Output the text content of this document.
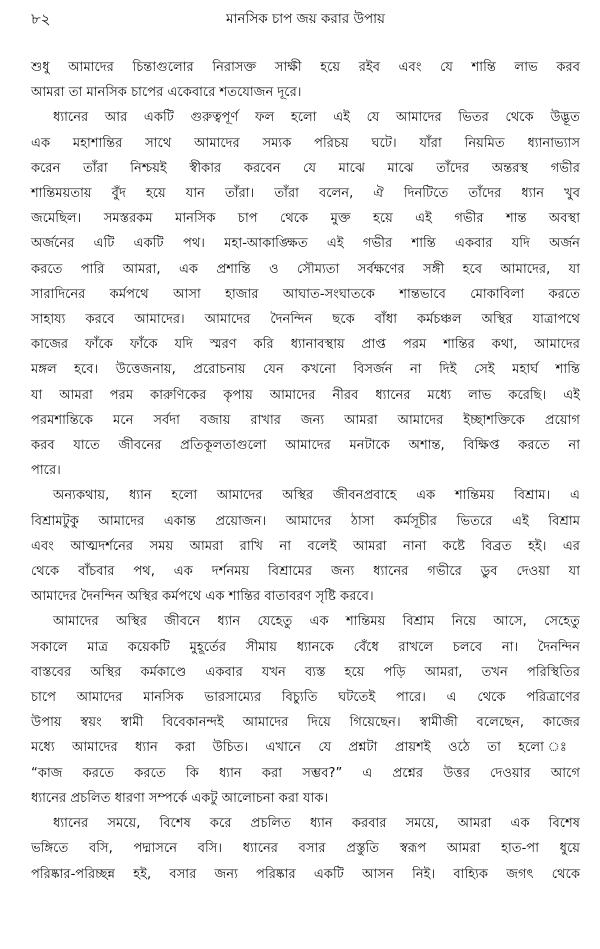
৮২	মানসিক চাপ জয় করার উপায়

শুধু আমাদের চিন্তাগুলোর নিরাসক্ত সাক্ষী হয়ে রইব এবং যে শান্তি লাভ করব

আমরা তা মানসিক চাপের একেবারে শতযোজন দূরে।

ধ্যানের আর একটি গুরুত্বপূর্ণ ফল হলো এই যে আমাদের ভিতর থেকে উদ্ভূত

এক মহাশান্তির সাথে আমাদের সম্যক পরিচয় ঘটে। যাঁরা নিয়মিত ধ্যানাভ্যাস

করেন তাঁরা নিশ্চয়ই স্বীকার করবেন যে মাঝে মাঝে তাঁদের অন্তরস্থ গভীর

শান্তিময়তায় বুঁদ হয়ে যান তাঁরা। তাঁরা বলেন, ঐ দিনটিতে তাঁদের ধ্যান খুব

জমেছিল। সমস্তরকম মানসিক চাপ থেকে মুক্ত হয়ে এই গভীর শান্ত অবস্থা

অর্জনের এটি একটি পথ। মহা-আকাঙ্ক্ষিত এই গভীর শান্তি একবার যদি অর্জন

করতে পারি আমরা, এক প্রশান্তি ও সৌম্যতা সর্বক্ষণের সঙ্গী হবে আমাদের, যা

সারাদিনের কর্মপথে আসা হাজার আঘাত-সংঘাতকে শান্তভাবে মোকাবিলা করতে

সাহায্য করবে আমাদের। আমাদের দৈনন্দিন ছকে বাঁধা কর্মচঞ্চল অস্থির যাত্রাপথে

কাজের ফাঁকে ফাঁকে যদি স্মরণ করি ধ্যানাবস্থায় প্রাপ্ত পরম শান্তির কথা, আমাদের

মঙ্গল হবে। উত্তেজনায়, প্ররোচনায় যেন কখনো বিসর্জন না দিই সেই মহার্ঘ শান্তি

যা আমরা পরম কারুণিকের কৃপায় আমাদের নীরব ধ্যানের মধ্যে লাভ করেছি। এই

পরমশান্তিকে মনে সর্বদা বজায় রাখার জন্য আমরা আমাদের ইচ্ছাশক্তিকে প্রয়োগ

করব যাতে জীবনের প্রতিকূলতাগুলো আমাদের মনটাকে অশান্ত, বিক্ষিপ্ত করতে না

পারে।

অন্যকথায়, ধ্যান হলো আমাদের অস্থির জীবনপ্রবাহে এক শান্তিময় বিশ্রাম। এ

বিশ্রামটুকু আমাদের একান্ত প্রয়োজন। আমাদের ঠাসা কর্মসূচীর ভিতরে এই বিশ্রাম

এবং আত্মদর্শনের সময় আমরা রাখি না বলেই আমরা নানা কষ্টে বিব্রত হই। এর

থেকে বাঁচবার পথ, এক দর্শনময় বিশ্রামের জন্য ধ্যানের গভীরে ডুব দেওয়া যা

আমাদের দৈনন্দিন অস্থির কর্মপথে এক শান্তির বাতাবরণ সৃষ্টি করবে।

আমাদের অস্থির জীবনে ধ্যান যেহেতু এক শান্তিময় বিশ্রাম নিয়ে আসে, সেহেতু

সকালে মাত্র কয়েকটি মুহূর্তের সীমায় ধ্যানকে বেঁধে রাখলে চলবে না। দৈনন্দিন

বাস্তবের অস্থির কর্মকাণ্ডে একবার যখন ব্যস্ত হয়ে পড়ি আমরা, তখন পরিস্থিতির

চাপে আমাদের মানসিক ভারসাম্যের বিচ্যুতি ঘটতেই পারে। এ থেকে পরিত্রাণের

উপায় স্বয়ং স্বামী বিবেকানন্দই আমাদের দিয়ে গিয়েছেন। স্বামীজী বলেছেন, কাজের

মধ্যে আমাদের ধ্যান করা উচিত। এখানে যে প্রশ্নটা প্রায়শই ওঠে তা হলো ঃ

“কাজ করতে করতে কি ধ্যান করা সম্ভব?” এ প্রশ্নের উত্তর দেওয়ার আগে

ধ্যানের প্রচলিত ধারণা সম্পর্কে একটু আলোচনা করা যাক।

ধ্যানের সময়ে, বিশেষ করে প্রচলিত ধ্যান করবার সময়ে, আমরা এক বিশেষ

ভঙ্গিতে বসি, পদ্মাসনে বসি। ধ্যানের বসার প্রস্তুতি স্বরূপ আমরা হাত-পা ধুয়ে

পরিষ্কার-পরিচ্ছন্ন হই, বসার জন্য পরিষ্কার একটি আসন নিই। বাহ্যিক জগৎ থেকে
